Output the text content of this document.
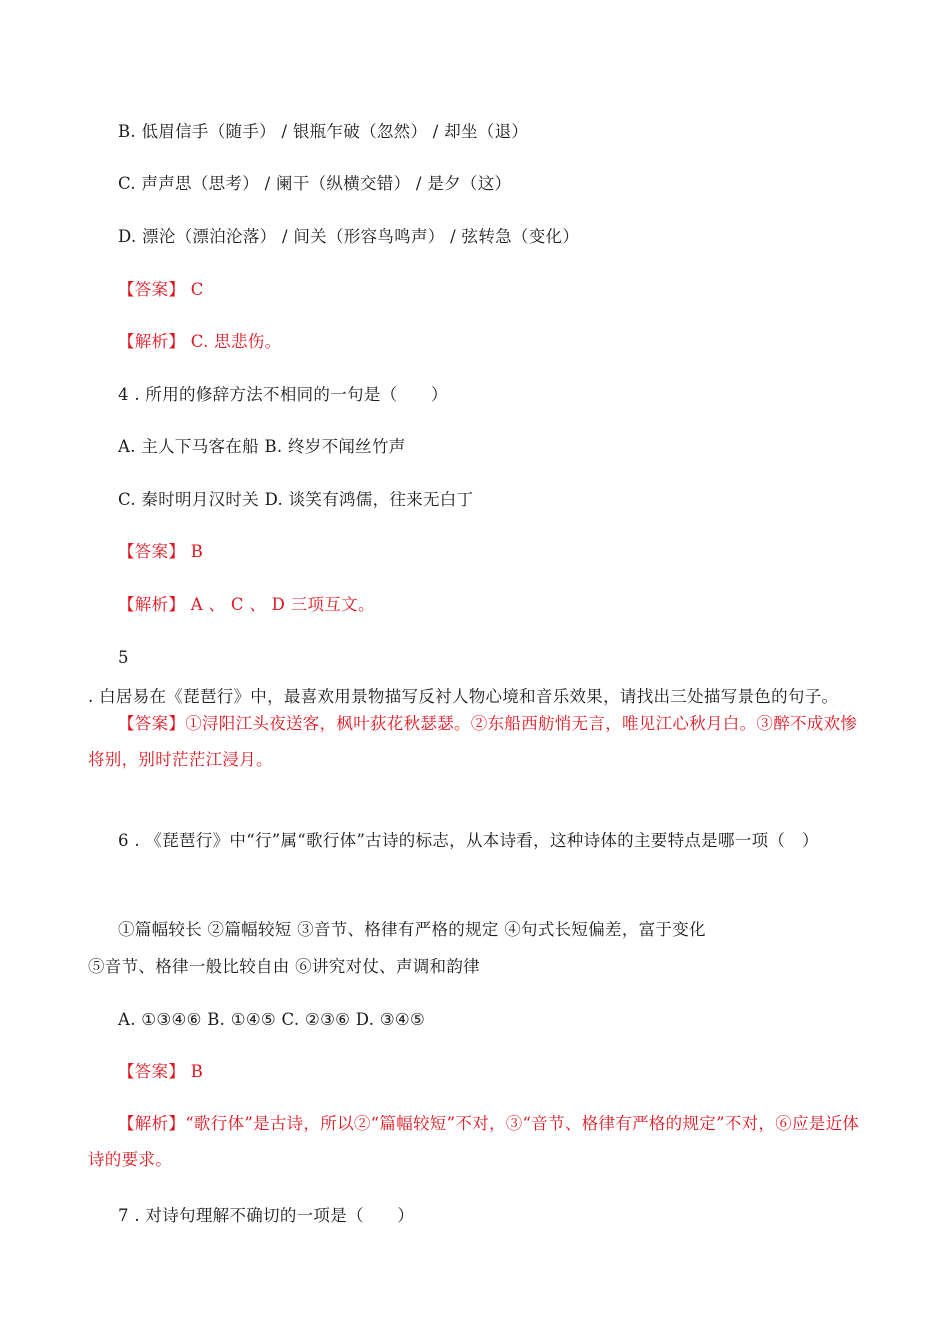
B. 低眉信手（随手） / 银瓶乍破（忽然） / 却坐（退）
C. 声声思（思考） / 阑干（纵横交错） / 是夕（这）
D. 漂沦（漂泊沦落） / 间关（形容鸟鸣声） / 弦转急（变化）
【答案】 C
【解析】 C. 思悲伤。
4 . 所用的修辞方法不相同的一句是（　　）
A. 主人下马客在船 B. 终岁不闻丝竹声
C. 秦时明月汉时关 D. 谈笑有鸿儒，往来无白丁
【答案】 B
【解析】 A 、 C 、 D 三项互文。
5
. 白居易在《琵琶行》中，最喜欢用景物描写反衬人物心境和音乐效果，请找出三处描写景色的句子。
【答案】①浔阳江头夜送客，枫叶荻花秋瑟瑟。②东船西舫悄无言，唯见江心秋月白。③醉不成欢惨将别，别时茫茫江浸月。
6 . 《琵琶行》中“行”属“歌行体”古诗的标志，从本诗看，这种诗体的主要特点是哪一项（　）
①篇幅较长 ②篇幅较短 ③音节、格律有严格的规定 ④句式长短偏差，富于变化
⑤音节、格律一般比较自由 ⑥讲究对仗、声调和韵律
A. ①③④⑥ B. ①④⑤ C. ②③⑥ D. ③④⑤
【答案】 B
【解析】“歌行体”是古诗，所以②“篇幅较短”不对，③“音节、格律有严格的规定”不对，⑥应是近体诗的要求。
7 . 对诗句理解不确切的一项是（　　）
